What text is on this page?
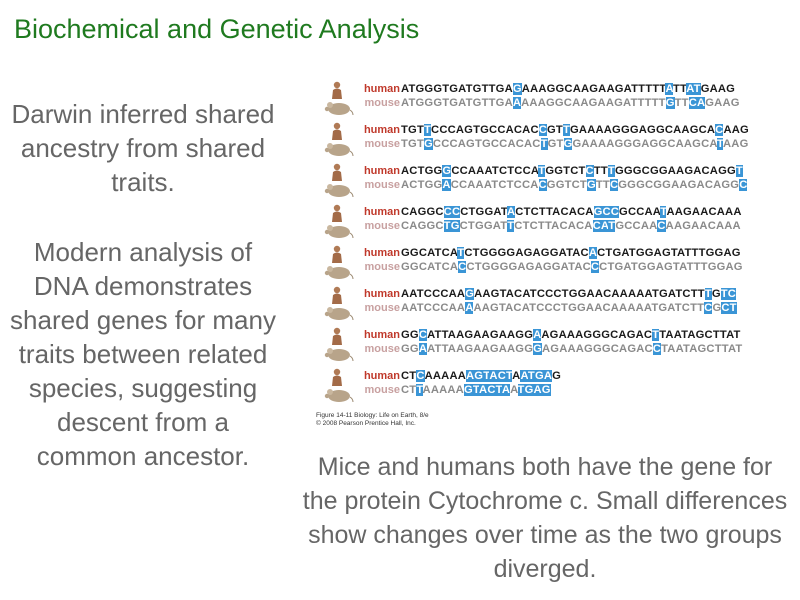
Biochemical and Genetic Analysis
Darwin inferred shared ancestry from shared traits.
Modern analysis of DNA demonstrates shared genes for many traits between related species, suggesting descent from a common ancestor.
human
mouse
ATGGGTGATGTTGAGAAAGGCAAGAAGATTTTTATTATGAAG
ATGGGTGATGTTGAAAAAGGCAAGAAGATTTTTGTTCAGAAG
human
mouse
TGTTCCCAGTGCCACACCGTTGAAAAGGGAGGCAAGCACAAG
TGTGCCCAGTGCCACACTGTGGAAAAGGGAGGCAAGCATAAG
human
mouse
ACTGGGCCAAATCTCCATGGTCTCTTTGGGCGGAAGACAGGT
ACTGGACCAAATCTCCACGGTCTGTTCGGGCGGAAGACAGGC
human
mouse
CAGGCCCCTGGATACTCTTACACAGCCGCCAATAAGAACAAA
CAGGCTGCTGGATTCTCTTACACACATGCCAACAAGAACAAA
human
mouse
GGCATCATCTGGGGAGAGGATACACTGATGGAGTATTTGGAG
GGCATCACCTGGGGAGAGGATACCCTGATGGAGTATTTGGAG
human
mouse
AATCCCAAGAAGTACATCCCTGGAACAAAAATGATCTTTGTC
AATCCCAAAAAGTACATCCCTGGAACAAAAATGATCTTCGCT
human
mouse
GGCATTAAGAAGAAGGAAGAAAGGGCAGACTTAATAGCTTAT
GGAATTAAGAAGAAGGGAGAAAGGGCAGACCTAATAGCTTAT
human
mouse
CTCAAAAAAGTACTAATGAG
CTTAAAAAGTACTAATGAG
Figure 14-11 Biology: Life on Earth, 8/e
© 2008 Pearson Prentice Hall, Inc.
Mice and humans both have the gene for the protein Cytochrome c. Small differences show changes over time as the two groups diverged.
